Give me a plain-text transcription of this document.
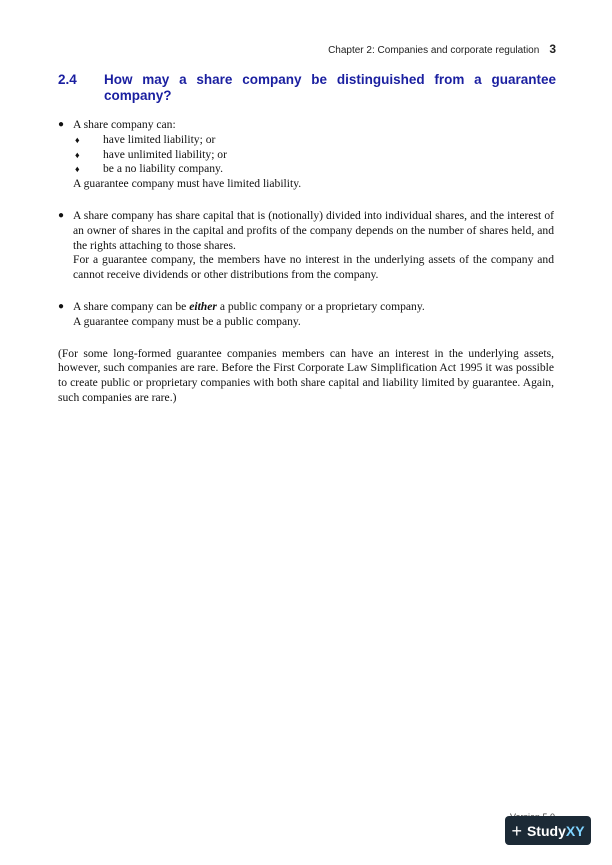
Chapter 2: Companies and corporate regulation 3
2.4	How may a share company be distinguished from a guarantee company?
● A share company can:
♦	have limited liability; or
♦	have unlimited liability; or
♦	be a no liability company.
A guarantee company must have limited liability.
● A share company has share capital that is (notionally) divided into individual shares, and the interest of an owner of shares in the capital and profits of the company depends on the number of shares held, and the rights attaching to those shares.
For a guarantee company, the members have no interest in the underlying assets of the company and cannot receive dividends or other distributions from the company.
● A share company can be either a public company or a proprietary company.
A guarantee company must be a public company.
(For some long-formed guarantee companies members can have an interest in the underlying assets, however, such companies are rare. Before the First Corporate Law Simplification Act 1995 it was possible to create public or proprietary companies with both share capital and liability limited by guarantee. Again, such companies are rare.)
+ StudyXY
